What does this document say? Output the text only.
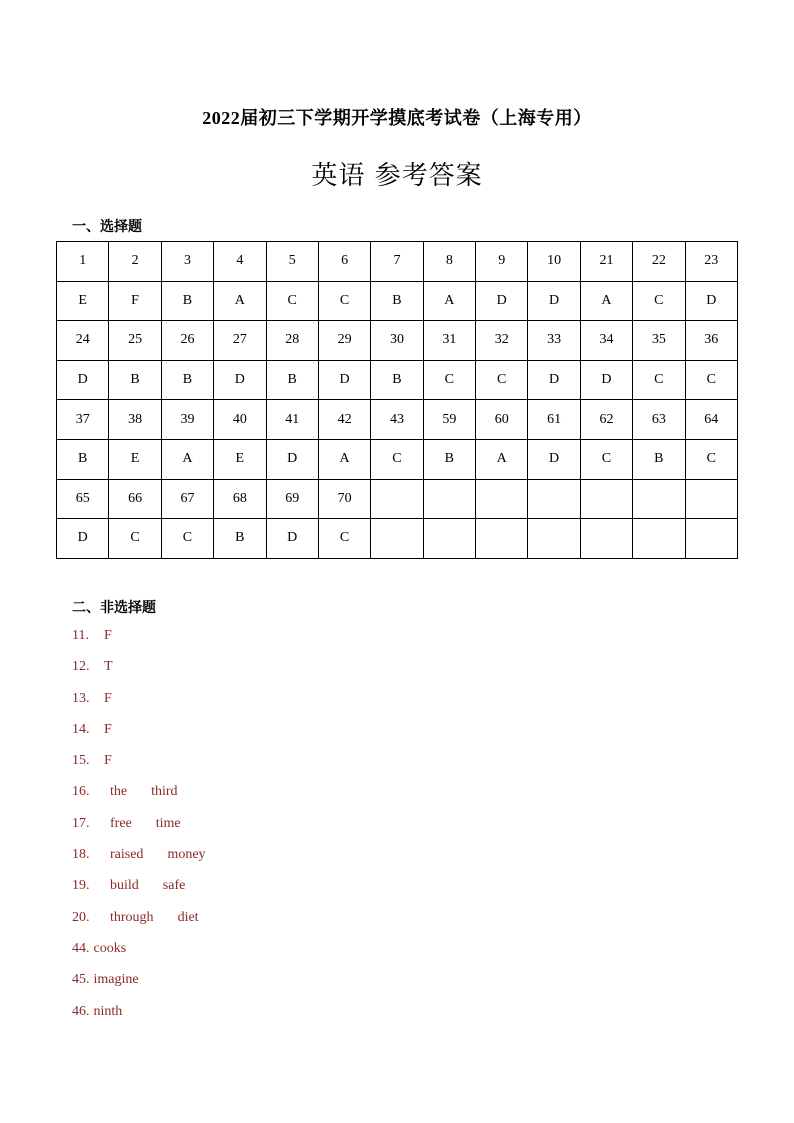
2022届初三下学期开学摸底考试卷（上海专用）
英语 参考答案
一、选择题
1	2	3	4	5	6	7	8	9	10	21	22	23
E	F	B	A	C	C	B	A	D	D	A	C	D
24	25	26	27	28	29	30	31	32	33	34	35	36
D	B	B	D	B	D	B	C	C	D	D	C	C
37	38	39	40	41	42	43	59	60	61	62	63	64
B	E	A	E	D	A	C	B	A	D	C	B	C
65	66	67	68	69	70							
D	C	C	B	D	C							
二、非选择题
11. F
12. T
13. F
14. F
15. F
16. the third
17. free time
18. raised money
19. build safe
20. through diet
44. cooks
45. imagine
46. ninth
